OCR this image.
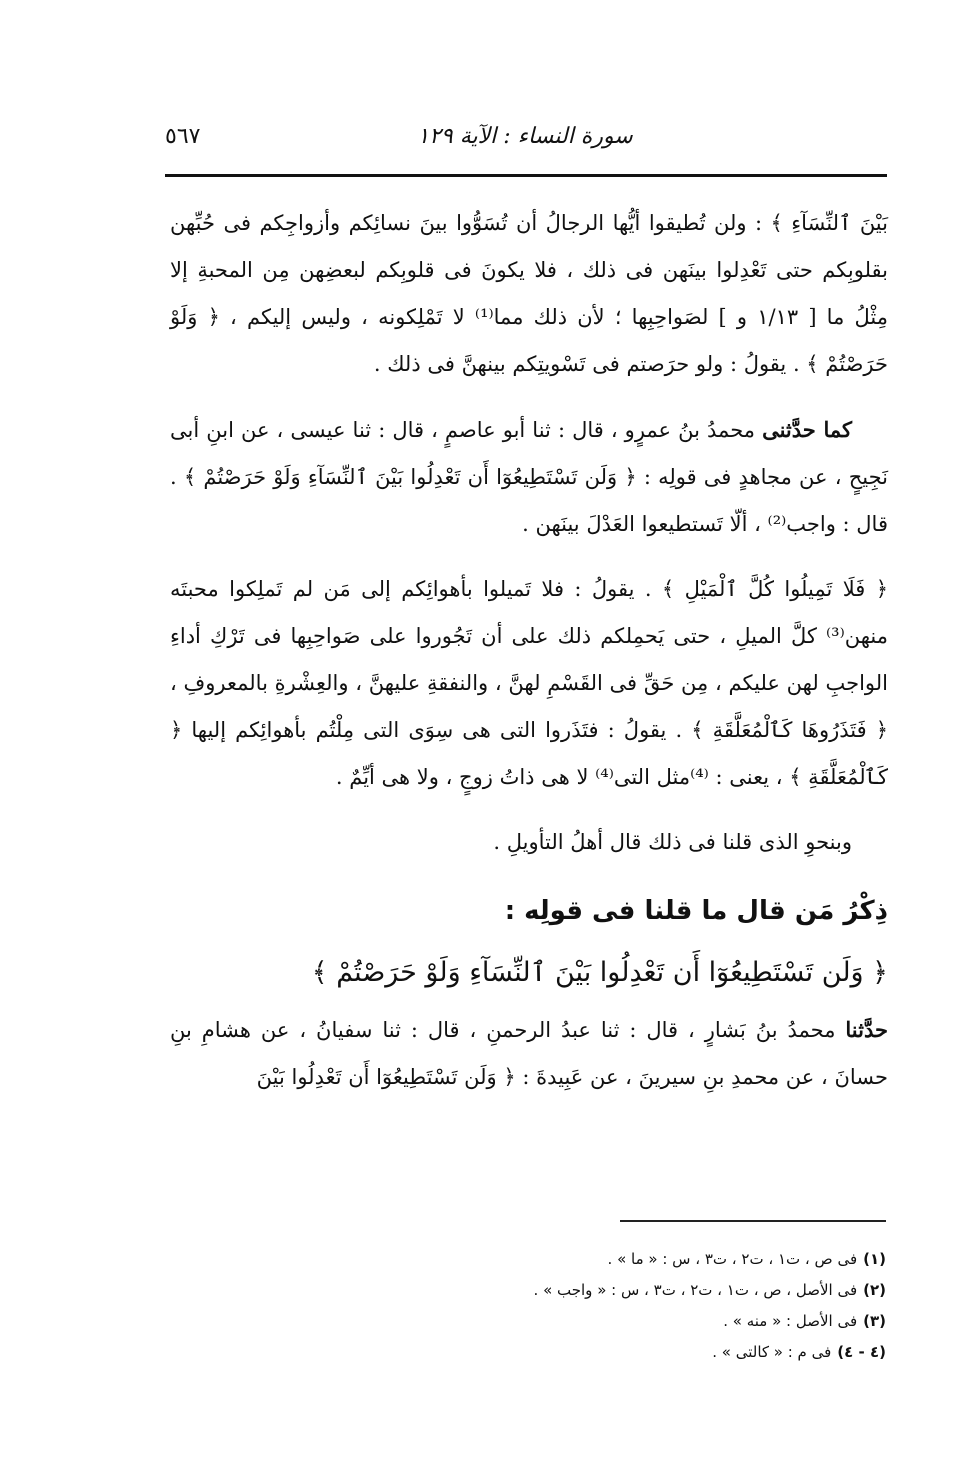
سورة النساء : الآية ١٢٩
٥٦٧

بَيْنَ ٱلنِّسَآءِ ﴾ : ولن تُطيقوا أيُّها الرجالُ أن تُسَوُّوا بينَ نسائِكم وأزواجِكم فى حُبِّهن بقلوبِكم حتى تَعْدِلوا بينَهن فى ذلك ، فلا يكونَ فى قلوبِكم لبعضِهن مِن المحبةِ إلا مِثْلُ ما [ ١/١٣ و ] لصَواحِبِها ؛ لأن ذلك مما⁽¹⁾ لا تَمْلِكونه ، وليس إليكم ، ﴿ وَلَوْ حَرَصْتُمْ ﴾ . يقولُ : ولو حرَصتم فى تَسْويتِكم بينهنَّ فى ذلك .

كما حدَّثنى محمدُ بنُ عمرٍو ، قال : ثنا أبو عاصمٍ ، قال : ثنا عيسى ، عن ابنِ أبى نَجِيحٍ ، عن مجاهدٍ فى قولِه : ﴿ وَلَن تَسْتَطِيعُوٓا أَن تَعْدِلُوا بَيْنَ ٱلنِّسَآءِ وَلَوْ حَرَصْتُمْ ﴾ . قال : واجب⁽²⁾ ، ألّا تَستطيعوا العَدْلَ بينَهن .

﴿ فَلَا تَمِيلُوا كُلَّ ٱلْمَيْلِ ﴾ . يقولُ : فلا تَميلوا بأهوائِكم إلى مَن لم تَملِكوا محبتَه منهن⁽³⁾ كلَّ الميلِ ، حتى يَحمِلكم ذلك على أن تَجُوروا على صَواحِبِها فى تَرْكِ أداءِ الواجبِ لهن عليكم ، مِن حَقِّ فى القَسْمِ لهنَّ ، والنفقةِ عليهنَّ ، والعِشْرةِ بالمعروفِ ، ﴿ فَتَذَرُوهَا كَٱلْمُعَلَّقَةِ ﴾ . يقولُ : فتَذَروا التى هى سِوَى التى مِلْتُم بأهوائِكم إليها ﴿ كَٱلْمُعَلَّقَةِ ﴾ ، يعنى : ⁽⁴⁾مثل التى⁽⁴⁾ لا هى ذاتُ زوجٍ ، ولا هى أيِّمٌ .

وبنحوِ الذى قلنا فى ذلك قال أهلُ التأويلِ .

ذِكْرُ مَن قال ما قلنا فى قولِه :
﴿ وَلَن تَسْتَطِيعُوٓا أَن تَعْدِلُوا بَيْنَ ٱلنِّسَآءِ وَلَوْ حَرَصْتُمْ ﴾

حدَّثنا محمدُ بنُ بَشارٍ ، قال : ثنا عبدُ الرحمنِ ، قال : ثنا سفيانُ ، عن هشامِ بنِ حسانَ ، عن محمدِ بنِ سيرينَ ، عن عَبِيدةَ : ﴿ وَلَن تَسْتَطِيعُوٓا أَن تَعْدِلُوا بَيْنَ

(١)فى ص ، ت١ ، ت٢ ، ت٣ ، س : « ما » .

(٢)فى الأصل ، ص ، ت١ ، ت٢ ، ت٣ ، س : « واجب » .

(٣)فى الأصل : « منه » .

(٤ - ٤)فى م : « كالتى » .
